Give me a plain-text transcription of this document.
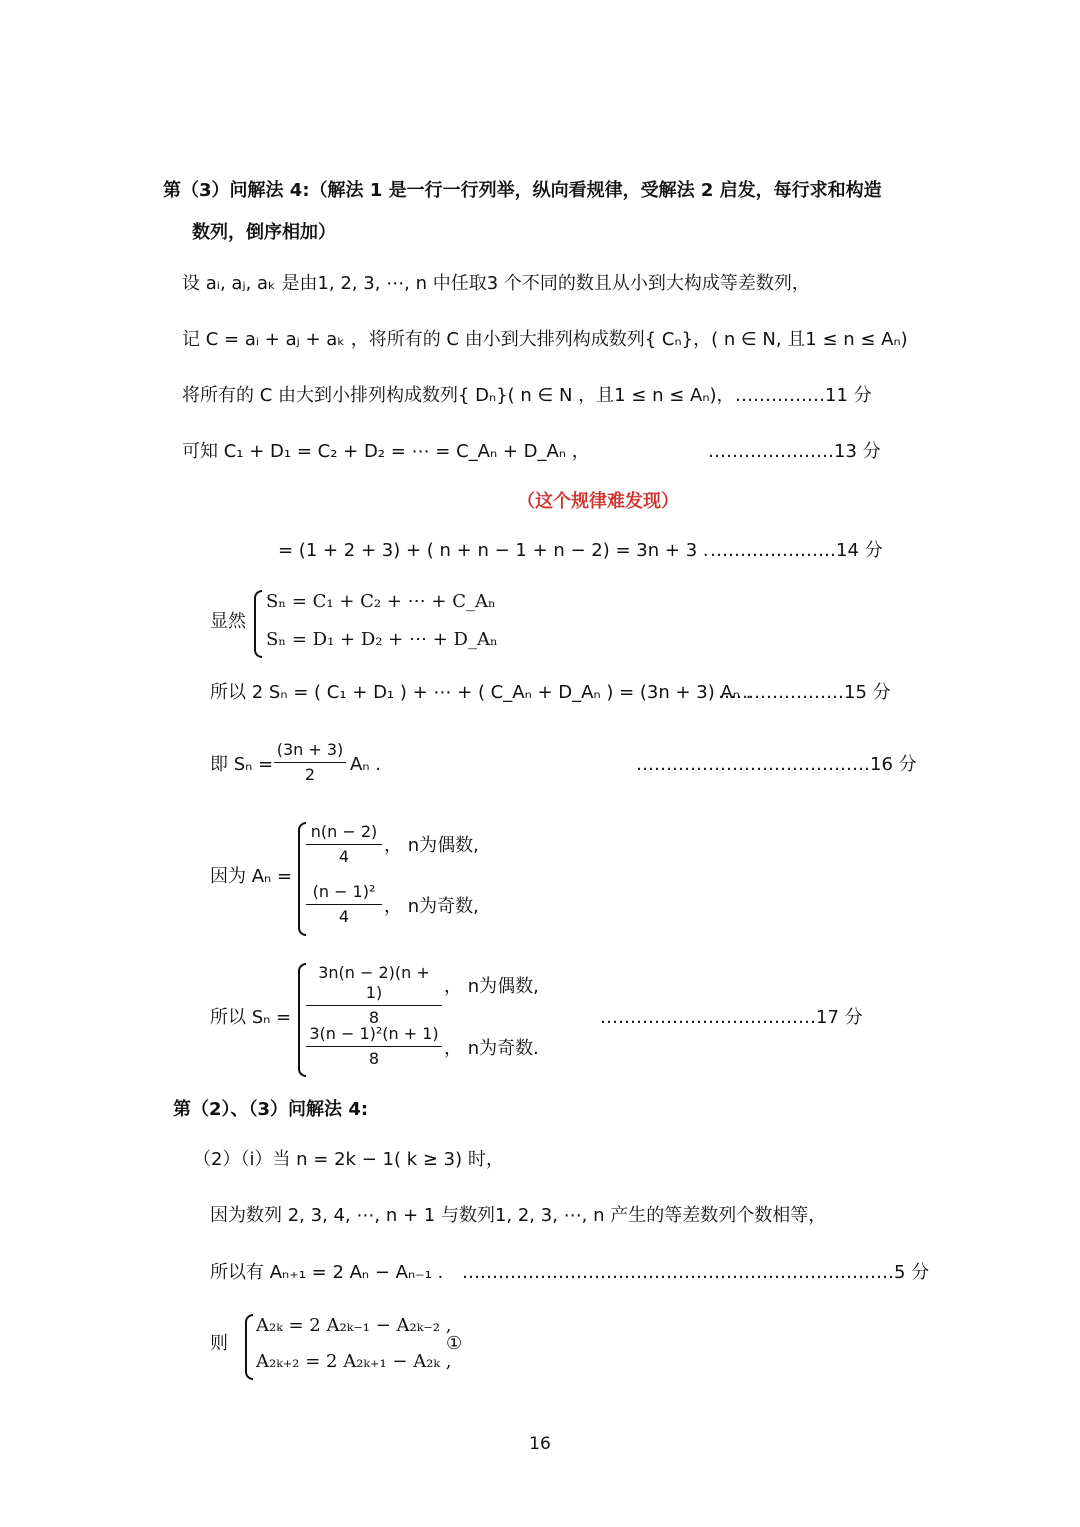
第（3）问解法 4:（解法 1 是一行一行列举，纵向看规律，受解法 2 启发，每行求和构造
数列，倒序相加）
设 aᵢ, aⱼ, aₖ 是由1, 2, 3, ⋯, n 中任取3 个不同的数且从小到大构成等差数列，
记 C = aᵢ + aⱼ + aₖ ，将所有的 C 由小到大排列构成数列{ Cₙ}，( n ∈ N, 且1 ≤ n ≤ Aₙ)
将所有的 C 由大到小排列构成数列{ Dₙ}( n ∈ N ，且1 ≤ n ≤ Aₙ)， ……………11 分
可知 C₁ + D₁ = C₂ + D₂ = ⋯ = C_Aₙ + D_Aₙ ，	…………………13 分
（这个规律难发现）
= (1 + 2 + 3) + ( n + n − 1 + n − 2) = 3n + 3 . …………………14 分
显然
Sₙ = C₁ + C₂ + ⋯ + C_Aₙ
Sₙ = D₁ + D₂ + ⋯ + D_Aₙ
所以 2 Sₙ = ( C₁ + D₁ ) + ⋯ + ( C_Aₙ + D_Aₙ ) = (3n + 3) Aₙ .
…………………15 分
即 Sₙ =
(3n + 3)
2	Aₙ .	…………………………………16 分
因为 Aₙ =
n(n − 2)
4
， n为偶数,
(n − 1)²
4	， n为奇数,
所以 Sₙ =
3n(n − 2)(n + 1)
8
， n为偶数,
3(n − 1)²(n + 1)
8	， n为奇数.
………………………………17 分
第（2）、（3）问解法 4:
（2）（i）当 n = 2k − 1( k ≥ 3) 时，
因为数列 2, 3, 4, ⋯, n + 1 与数列1, 2, 3, ⋯, n 产生的等差数列个数相等，
所以有 Aₙ₊₁ = 2 Aₙ − Aₙ₋₁ . ………………………………………………………………5 分
则
A₂ₖ = 2 A₂ₖ₋₁ − A₂ₖ₋₂ ,
A₂ₖ₊₂ = 2 A₂ₖ₊₁ − A₂ₖ ,
①
16
